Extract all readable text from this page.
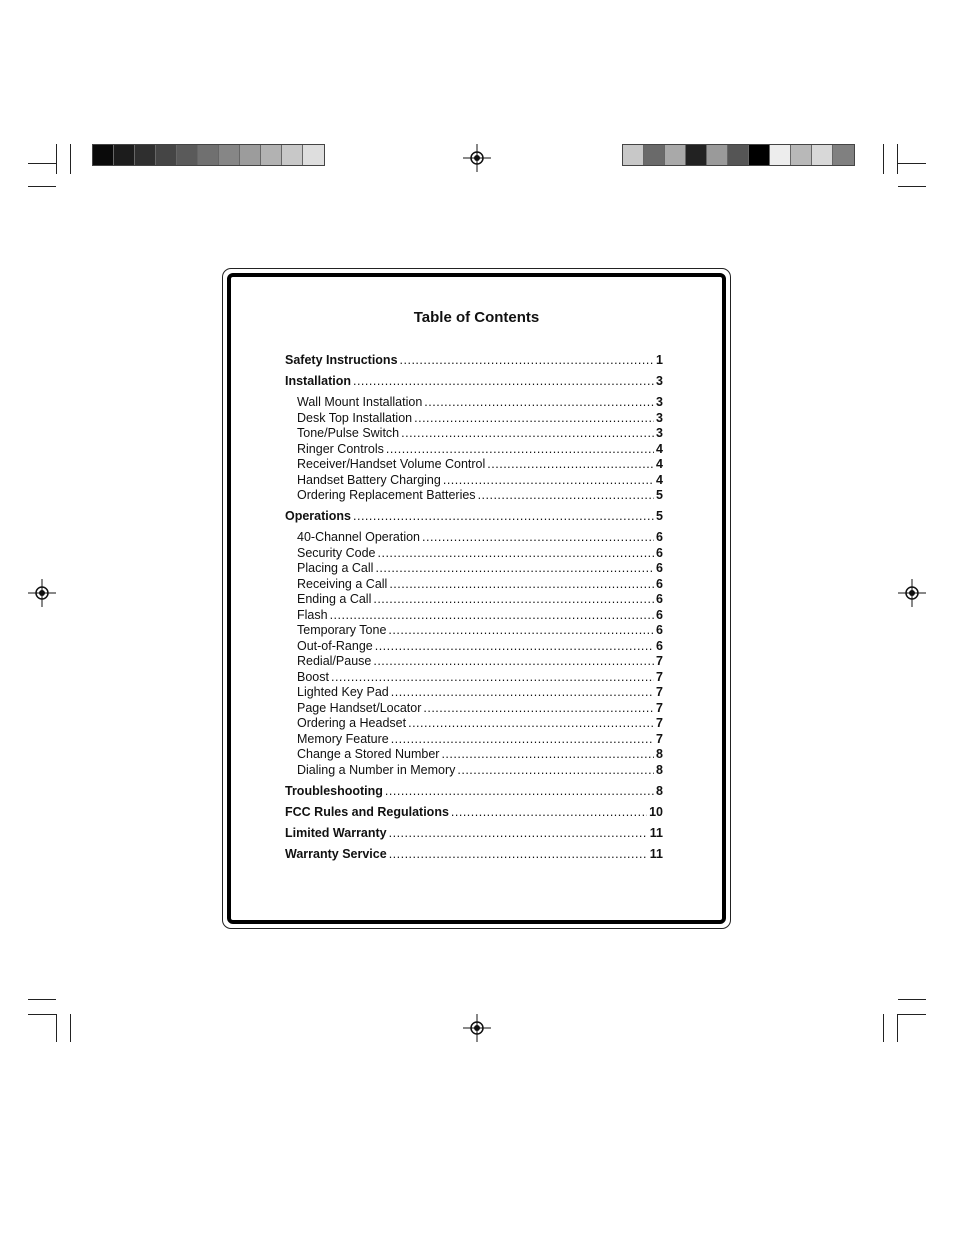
Table of Contents
Safety Instructions .....	1
Installation .....	3
Wall Mount Installation .....	3
Desk Top Installation .....	3
Tone/Pulse Switch .....	3
Ringer Controls .....	4
Receiver/Handset Volume Control .....	4
Handset Battery Charging .....	4
Ordering Replacement Batteries .....	5
Operations .....	5
40-Channel Operation .....	6
Security Code .....	6
Placing a Call .....	6
Receiving a Call .....	6
Ending a Call .....	6
Flash .....	6
Temporary Tone .....	6
Out-of-Range .....	6
Redial/Pause .....	7
Boost .....	7
Lighted Key Pad .....	7
Page Handset/Locator .....	7
Ordering a Headset .....	7
Memory Feature .....	7
Change a Stored Number .....	8
Dialing a Number in Memory .....	8
Troubleshooting .....	8
FCC Rules and Regulations .....	10
Limited Warranty .....	11
Warranty Service .....	11
